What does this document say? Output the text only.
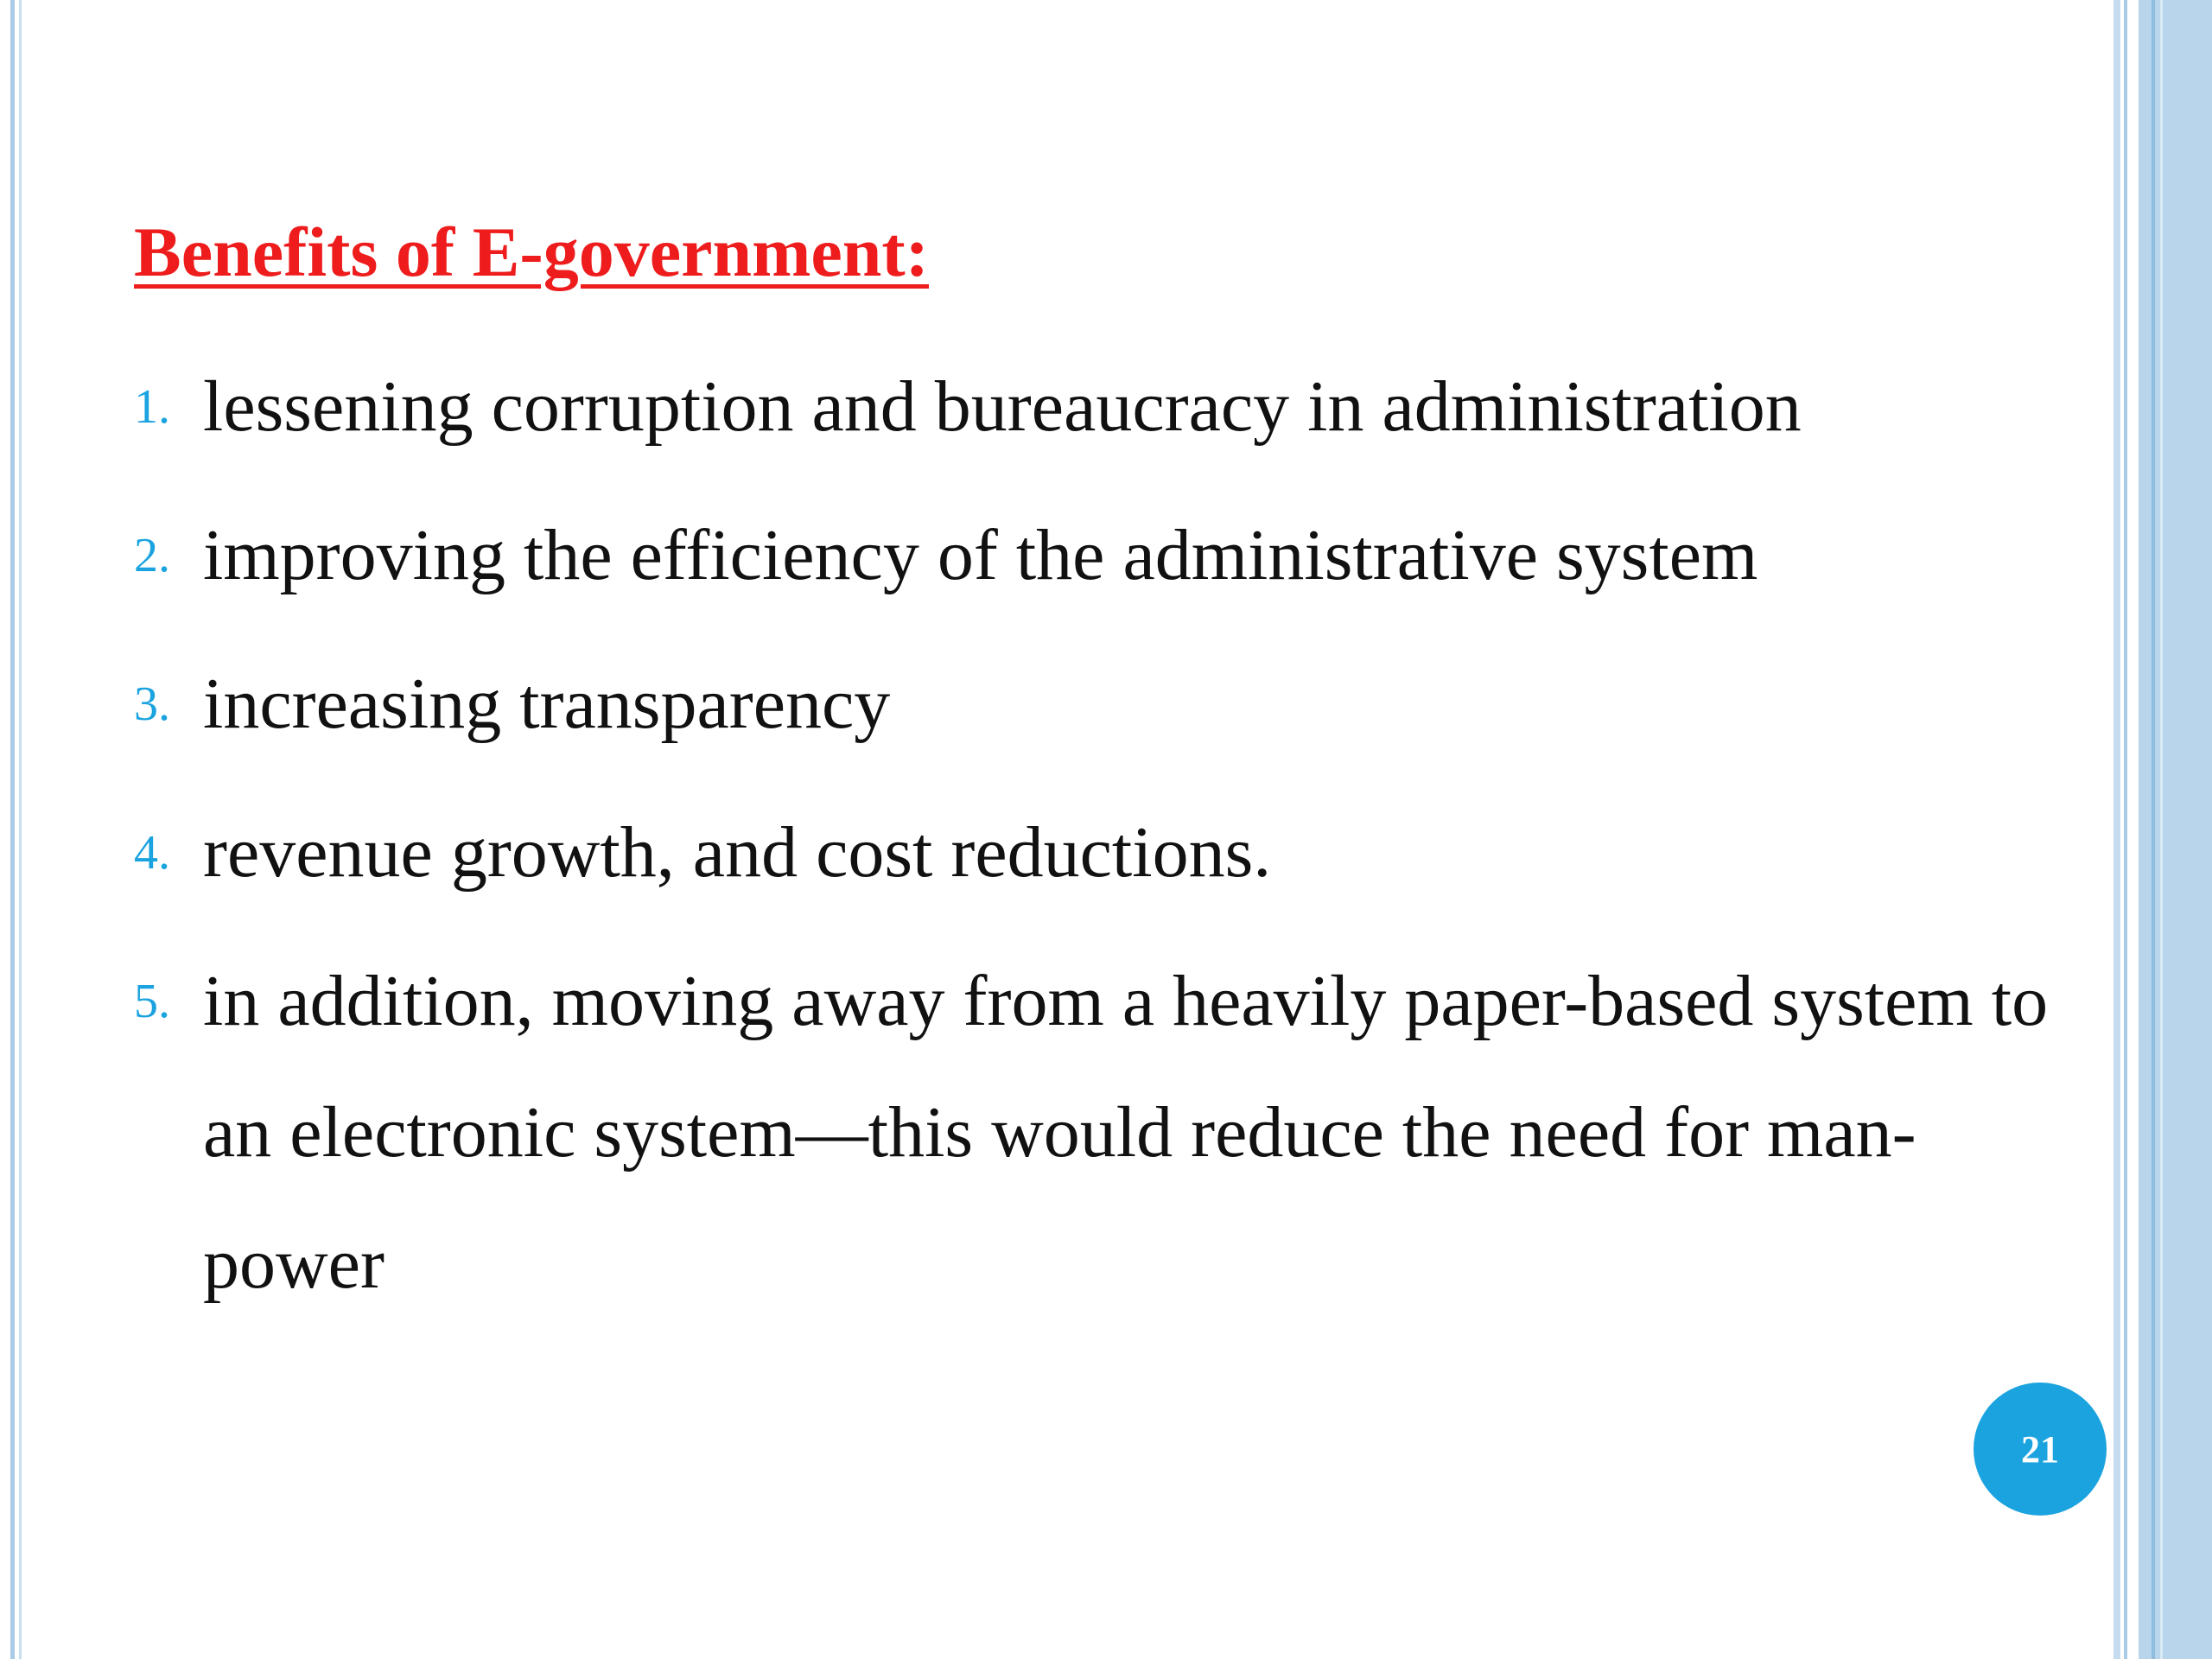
Benefits of E-government:
1. lessening corruption and bureaucracy in administration
2. improving the efficiency of the administrative system
3. increasing transparency
4. revenue growth, and cost reductions.
5. in addition, moving away from a heavily paper-based system to an electronic system—this would reduce the need for man-power
21
